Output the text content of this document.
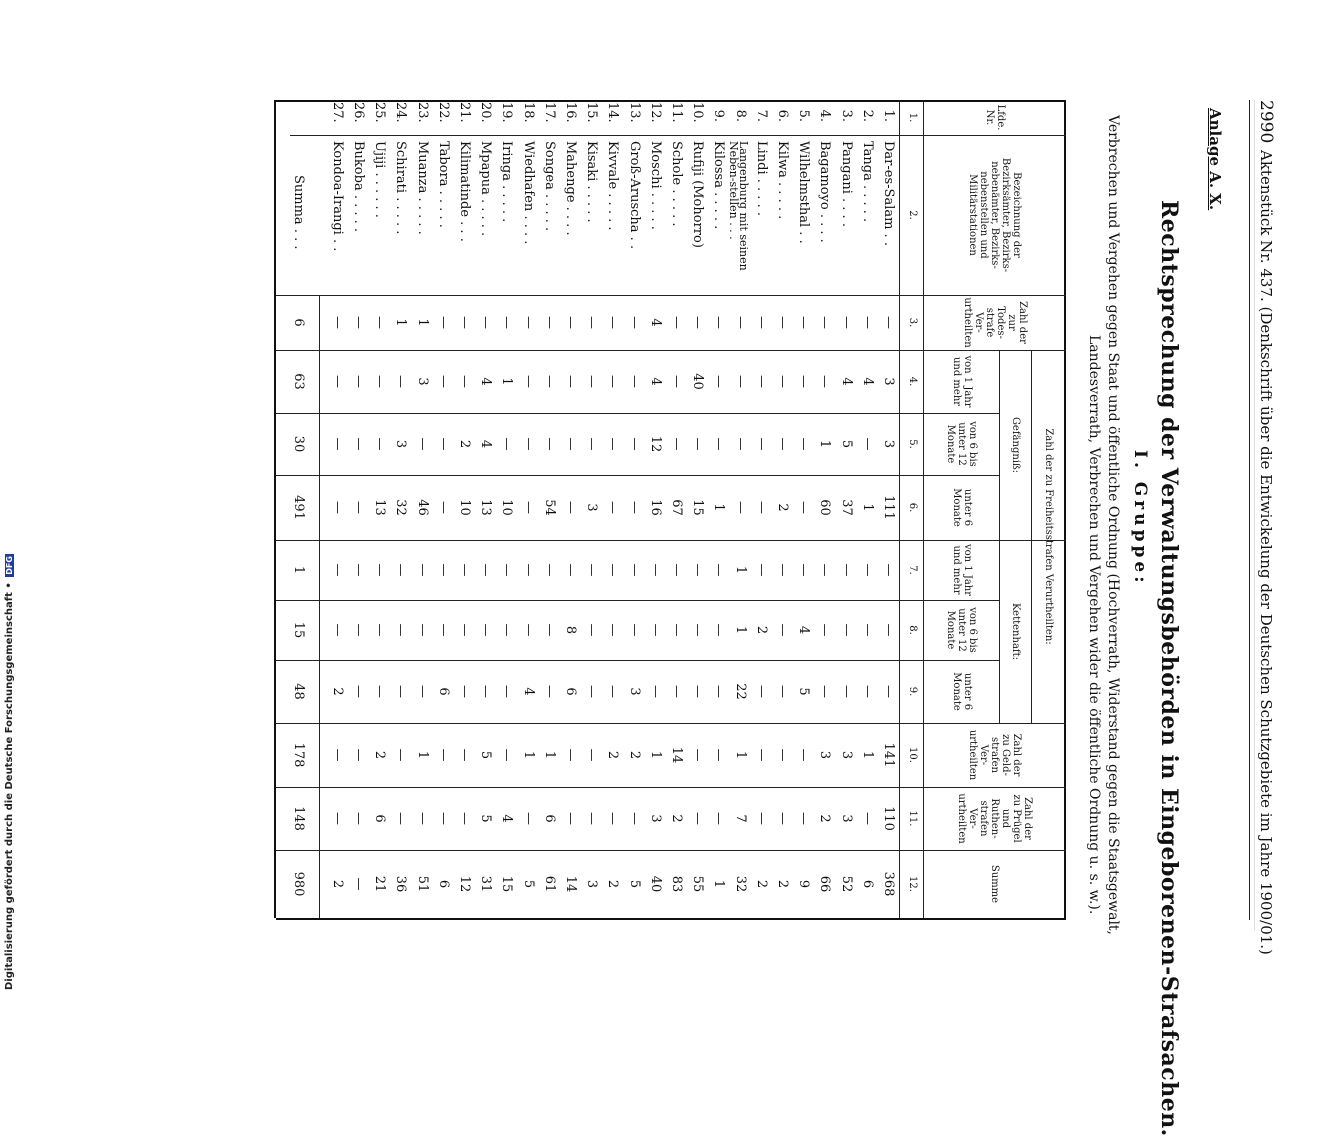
2990
Aktenstück Nr. 437. (Denkschrift über die Entwickelung der Deutschen Schutzgebiete im Jahre 1900/01.)
Anlage A. X.
Rechtsprechung der Verwaltungsbehörden in Eingeborenen-Strafsachen.
I. Gruppe:
Verbrechen und Vergehen gegen Staat und öffentliche Ordnung (Hochverrath, Widerstand gegen die Staatsgewalt,
Landesverrath, Verbrechen und Vergehen wider die öffentliche Ordnung u. s. w.).
Lfde. Nr.
Bezeichnung der Bezirksämter, Bezirks-nebenämter, Bezirks-nebenstellen und Militärstationen
Zahl der zur Todes-strafe Ver-urtheilten
Zahl der zu Freiheitsstrafen Verurtheilten:
Gefängniß:
Kettenhaft:
von 1 Jahr und mehr
von 6 bis unter 12 Monate
unter 6 Monate
von 1 Jahr und mehr
von 6 bis unter 12 Monate
unter 6 Monate
Zahl der zu Geld-strafen Ver-urtheilten
Zahl der zu Prügel und Ruthen-strafen Ver-urtheilten
Summe
1.
2.
3.
4.
5.
6.
7.
8.
9.
10.
11.
12.
1.
Dar-es-Salam . .
—
3
3
111
—
—
—
141
110
368
2.
Tanga . . . . .
—
4
—
1
—
—
—
1
—
6
3.
Pangani . . . .
—
4
5
37
—
—
—
3
3
52
4.
Bagamoyo . . . .
—
—
1
60
—
—
—
3
2
66
5.
Wilhelmsthal . .
—
—
—
—
—
4
5
—
—
9
6.
Kilwa . . . . .
—
—
—
2
—
—
—
—
—
2
7.
Lindi . . . . .
—
—
—
—
—
2
—
—
—
2
8.
Langenburg mit seinen Neben-stellen . . .
—
—
—
—
1
1
22
1
7
32
9.
Kilossa . . . . .
—
—
—
1
—
—
—
—
—
1
10.
Rufiji (Mohorro)
—
40
—
15
—
—
—
—
—
55
11.
Schole . . . . .
—
—
—
67
—
—
—
14
2
83
12.
Moschi . . . . .
4
4
12
16
—
—
—
1
3
40
13.
Groß-Aruscha . .
—
—
—
—
—
—
3
2
—
5
14.
Kivvale . . . . .
—
—
—
—
—
—
—
2
—
2
15.
Kisaki . . . . .
—
—
—
3
—
—
—
—
—
3
16.
Mahenge . . . .
—
—
—
—
—
8
6
—
—
14
17.
Songea . . . . .
—
—
—
54
—
—
—
1
6
61
18.
Wiedhafen . . . .
—
—
—
—
—
—
4
1
—
5
19.
Iringa . . . . .
—
1
—
10
—
—
—
—
4
15
20.
Mpapua . . . . .
—
4
4
13
—
—
—
5
5
31
21.
Kilimatinde . . .
—
—
2
10
—
—
—
—
—
12
22.
Tabora . . . . .
—
—
—
—
—
—
6
—
—
6
23.
Muanza . . . . .
1
3
—
46
—
—
—
1
—
51
24.
Schirati . . . . .
1
—
3
32
—
—
—
—
—
36
25.
Ujiji . . . . . .
—
—
—
13
—
—
—
2
6
21
26.
Bukoba . . . . .
—
—
—
—
—
—
—
—
—
—
27.
Kondoa-Irangi . .
—
—
—
—
—
—
2
—
—
2
Summa . . .
6
63
30
491
1
15
48
178
148
980
Digitalisierung gefördert durch die Deutsche Forschungsgemeinschaft • DFG
